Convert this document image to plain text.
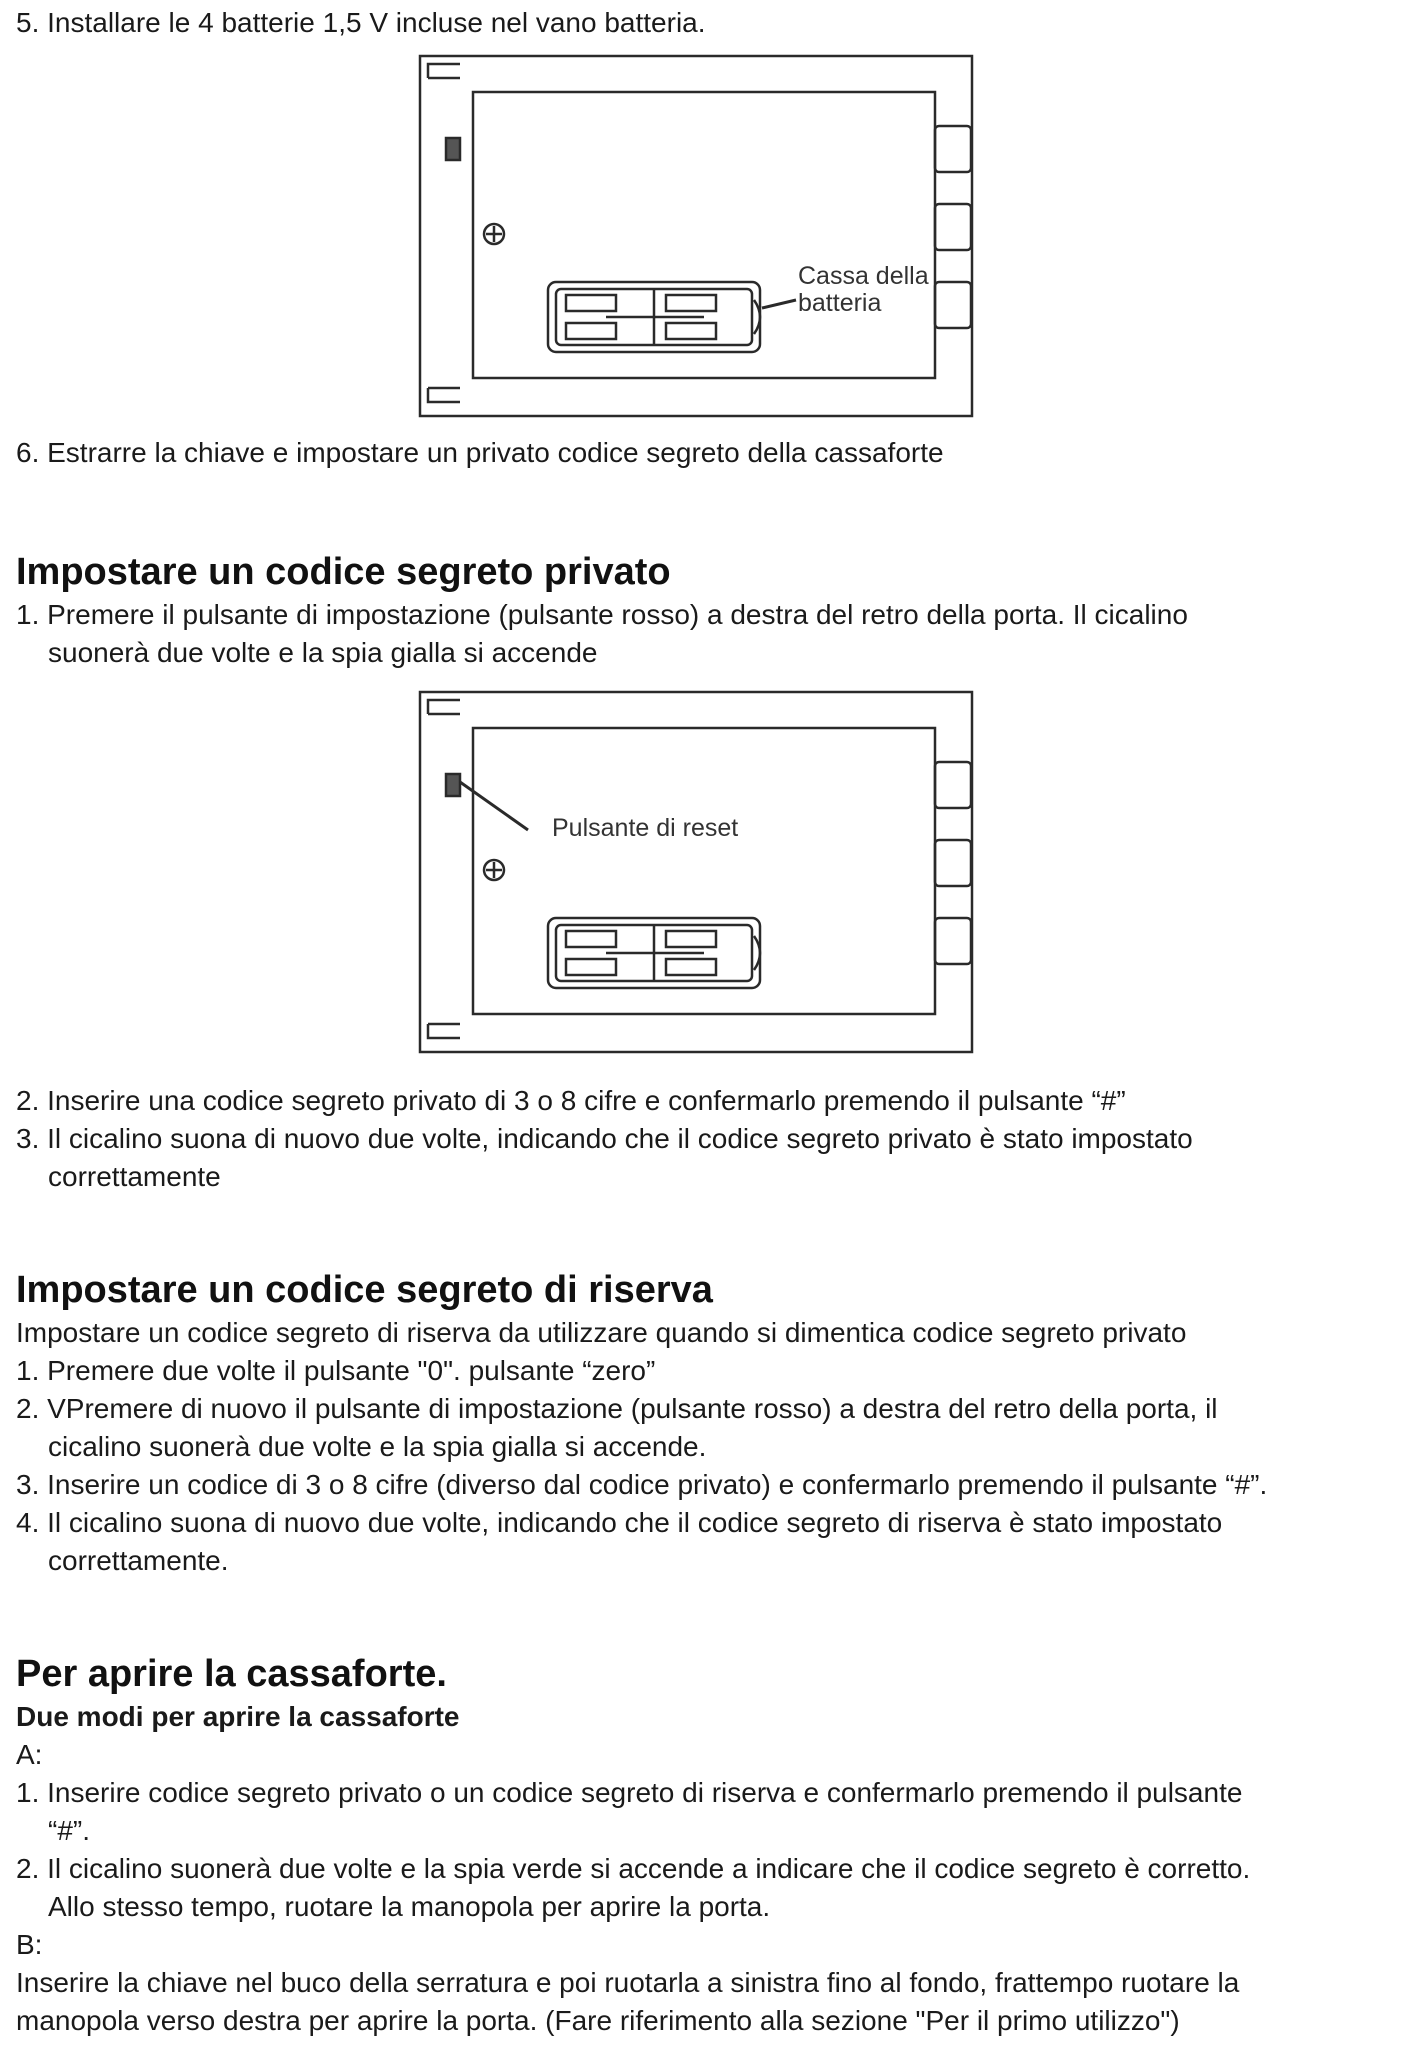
5. Installare le 4 batterie 1,5 V incluse nel vano batteria.

Cassa della
batteria

6. Estrarre la chiave e impostare un privato codice segreto della cassaforte

Impostare un codice segreto privato

1. Premere il pulsante di impostazione (pulsante rosso) a destra del retro della porta. Il cicalino

suonerà due volte e la spia gialla si accende

Pulsante di reset

2. Inserire una codice segreto privato di 3 o 8 cifre e confermarlo premendo il pulsante “#”

3. Il cicalino suona di nuovo due volte, indicando che il codice segreto privato è stato impostato

correttamente

Impostare un codice segreto di riserva

Impostare un codice segreto di riserva da utilizzare quando si dimentica codice segreto privato

1. Premere due volte il pulsante "0". pulsante “zero”

2. VPremere di nuovo il pulsante di impostazione (pulsante rosso) a destra del retro della porta, il

cicalino suonerà due volte e la spia gialla si accende.

3. Inserire un codice di 3 o 8 cifre (diverso dal codice privato) e confermarlo premendo il pulsante “#”.

4. Il cicalino suona di nuovo due volte, indicando che il codice segreto di riserva è stato impostato

correttamente.

Per aprire la cassaforte.

Due modi per aprire la cassaforte

A:

1. Inserire codice segreto privato o un codice segreto di riserva e confermarlo premendo il pulsante

“#”.

2. Il cicalino suonerà due volte e la spia verde si accende a indicare che il codice segreto è corretto.

Allo stesso tempo, ruotare la manopola per aprire la porta.

B:

Inserire la chiave nel buco della serratura e poi ruotarla a sinistra fino al fondo, frattempo ruotare la

manopola verso destra per aprire la porta. (Fare riferimento alla sezione "Per il primo utilizzo")
